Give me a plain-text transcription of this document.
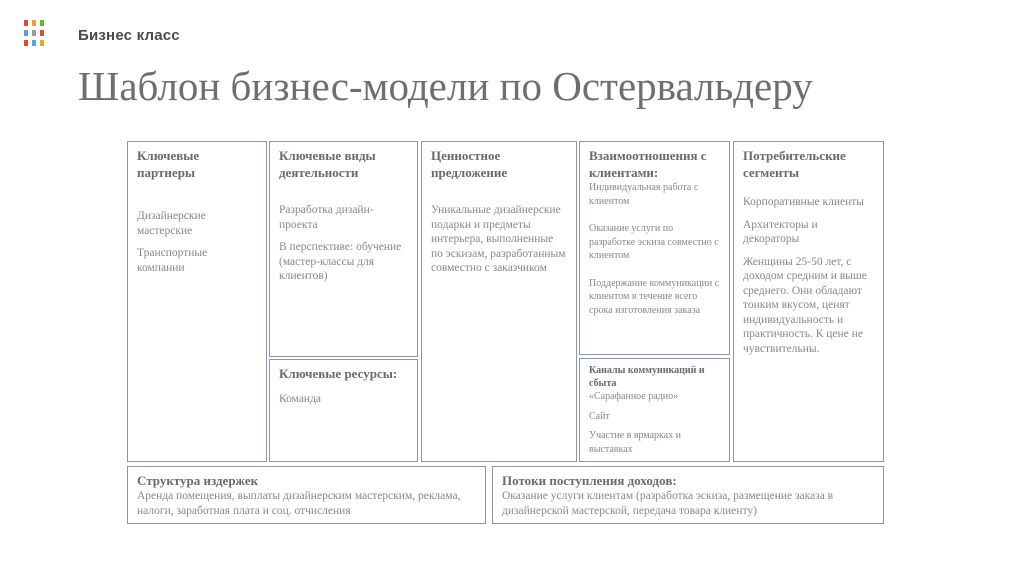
Бизнес класс
Шаблон бизнес-модели по Остервальдеру

Ключевые партнеры

Дизайнерские мастерские

Транспортные компании

Ключевые виды деятельности

Разработка дизайн-проекта

В перспективе: обучение (мастер-классы для клиентов)

Ключевые ресурсы:

Команда

Ценностное предложение

Уникальные дизайнерские подарки и предметы интерьера, выполненные по эскизам, разработанным совместно с заказчиком

Взаимоотношения с клиентами:

Индивидуальная работа с клиентом

Оказание услуги по разработке эскиза совместно с клиентом

Поддержание коммуникации с клиентом в течение всего срока изготовления заказа

Каналы коммуникаций и сбыта

«Сарафанное радио»

Сайт

Участие в ярмарках и выставках

Потребительские сегменты

Корпоративные клиенты

Архитекторы и декораторы

Женщины 25-50 лет, с доходом средним и выше среднего. Они обладают тонким вкусом, ценят индивидуальность и практичность. К цене не чувствительны.

Структура издержек

Аренда помещения, выплаты дизайнерским мастерским, реклама, налоги, заработная плата и соц. отчисления

Потоки поступления доходов:

Оказание услуги клиентам (разработка эскиза, размещение заказа в дизайнерской мастерской, передача товара клиенту)
